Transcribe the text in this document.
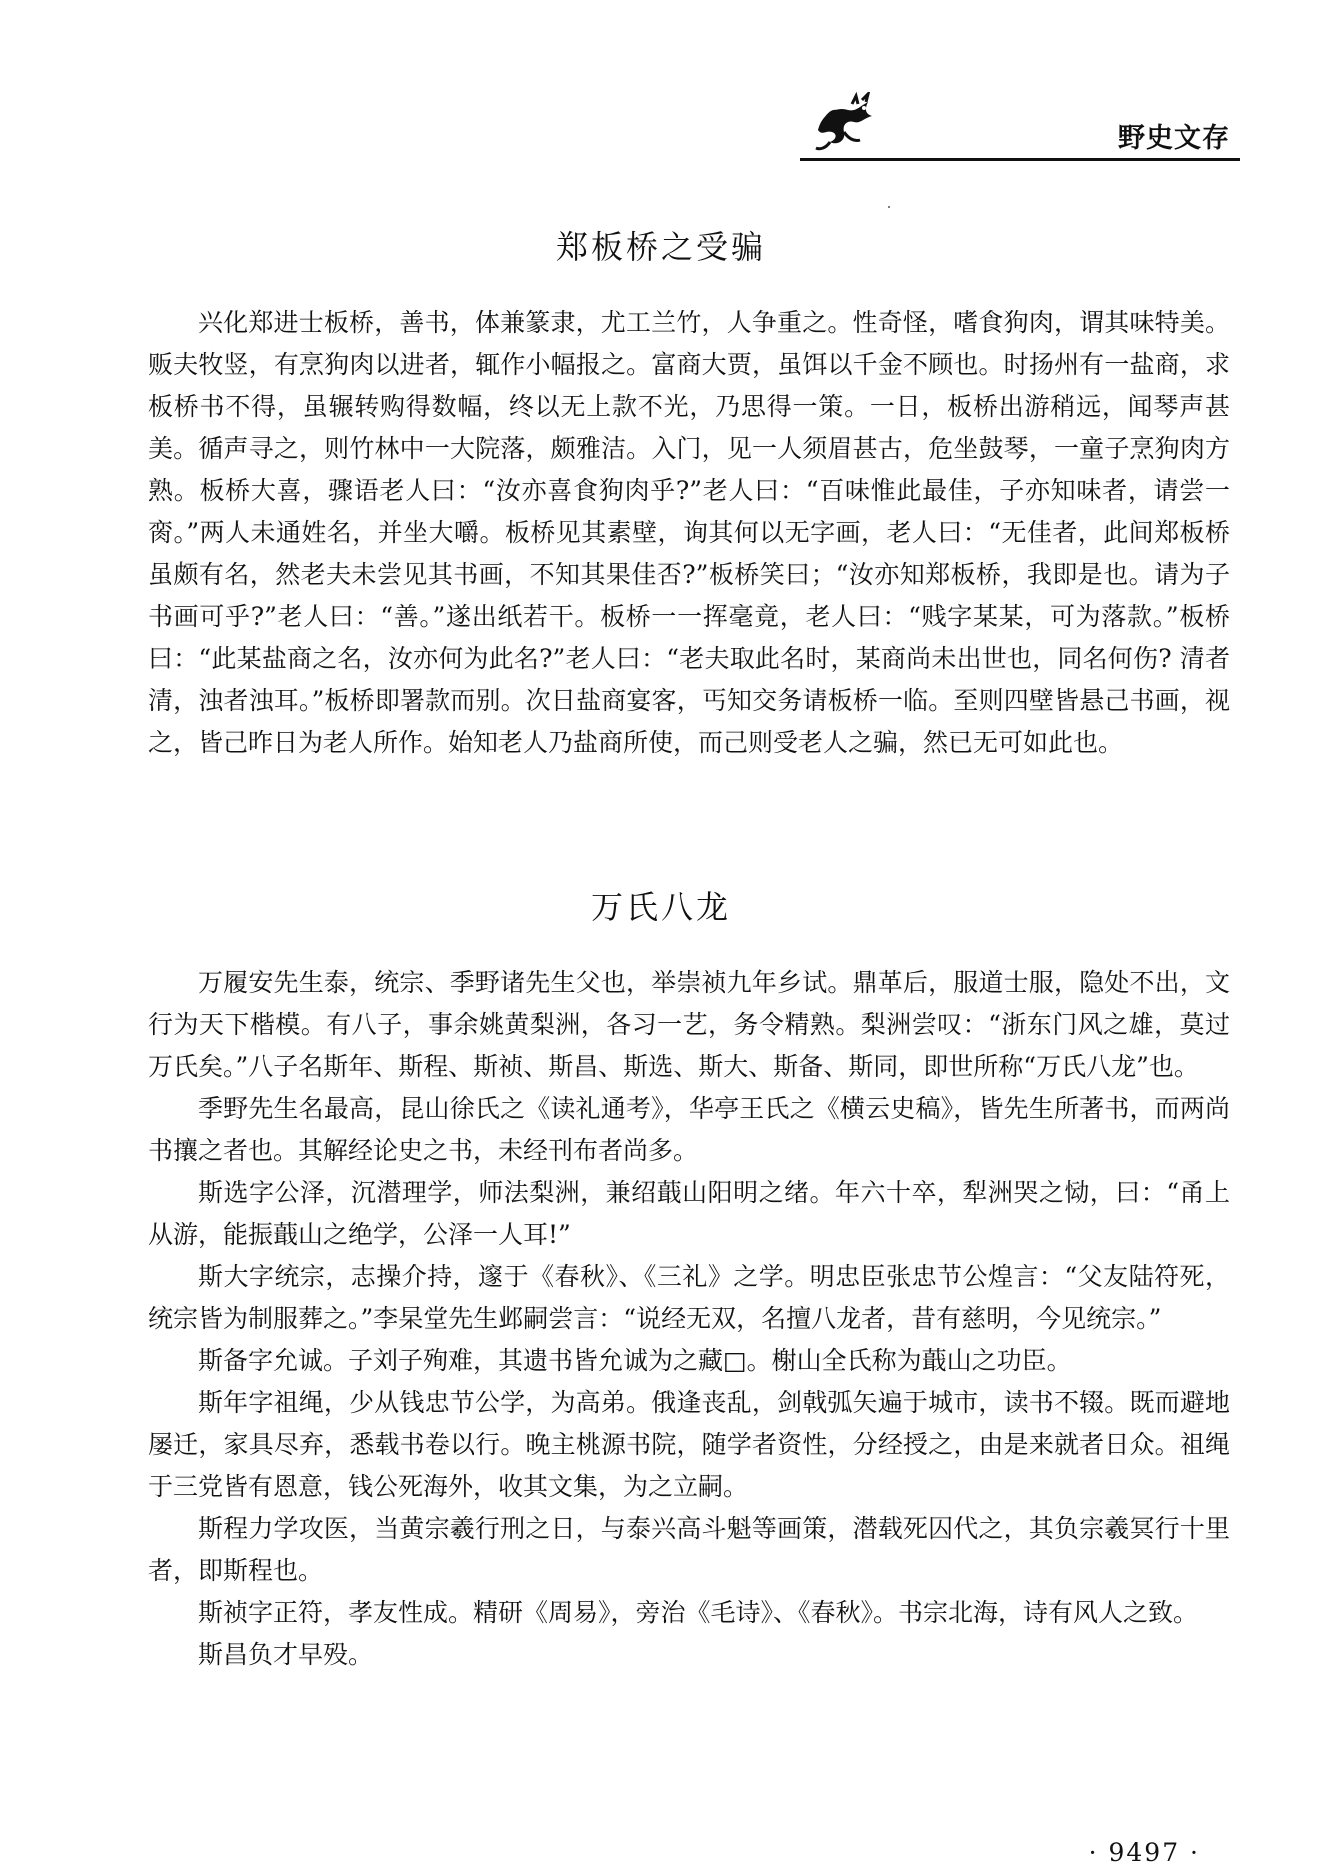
野史文存
郑板桥之受骗

兴化郑进士板桥，善书，体兼篆隶，尤工兰竹，人争重之。性奇怪，嗜食狗肉，谓其味特美。贩夫牧竖，有烹狗肉以进者，辄作小幅报之。富商大贾，虽饵以千金不顾也。时扬州有一盐商，求板桥书不得，虽辗转购得数幅，终以无上款不光，乃思得一策。一日，板桥出游稍远，闻琴声甚美。循声寻之，则竹林中一大院落，颇雅洁。入门，见一人须眉甚古，危坐鼓琴，一童子烹狗肉方熟。板桥大喜，骤语老人曰：“汝亦喜食狗肉乎?”老人曰：“百味惟此最佳，子亦知味者，请尝一脔。”两人未通姓名，并坐大嚼。板桥见其素壁，询其何以无字画，老人曰：“无佳者，此间郑板桥虽颇有名，然老夫未尝见其书画，不知其果佳否?”板桥笑曰；“汝亦知郑板桥，我即是也。请为子书画可乎?”老人曰：“善。”遂出纸若干。板桥一一挥毫竟，老人曰：“贱字某某，可为落款。”板桥曰：“此某盐商之名，汝亦何为此名?”老人曰：“老夫取此名时，某商尚未出世也，同名何伤? 清者清，浊者浊耳。”板桥即署款而别。次日盐商宴客，丐知交务请板桥一临。至则四壁皆悬己书画，视之，皆己昨日为老人所作。始知老人乃盐商所使，而己则受老人之骗，然已无可如此也。

万氏八龙

万履安先生泰，统宗、季野诸先生父也，举崇祯九年乡试。鼎革后，服道士服，隐处不出，文行为天下楷模。有八子，事余姚黄梨洲，各习一艺，务令精熟。梨洲尝叹：“浙东门风之雄，莫过万氏矣。”八子名斯年、斯程、斯祯、斯昌、斯选、斯大、斯备、斯同，即世所称“万氏八龙”也。

季野先生名最高，昆山徐氏之《读礼通考》，华亭王氏之《横云史稿》，皆先生所著书，而两尚书攘之者也。其解经论史之书，未经刊布者尚多。

斯选字公泽，沉潜理学，师法梨洲，兼绍蕺山阳明之绪。年六十卒，犁洲哭之恸，曰：“甬上从游，能振蕺山之绝学，公泽一人耳!”

斯大字统宗，志操介持，邃于《春秋》、《三礼》之学。明忠臣张忠节公煌言：“父友陆符死，统宗皆为制服葬之。”李杲堂先生邺嗣尝言：“说经无双，名擅八龙者，昔有慈明，今见统宗。”

斯备字允诚。子刘子殉难，其遗书皆允诚为之藏□。榭山全氏称为蕺山之功臣。

斯年字祖绳，少从钱忠节公学，为高弟。俄逢丧乱，剑戟弧矢遍于城市，读书不辍。既而避地屡迁，家具尽弃，悉载书卷以行。晚主桃源书院，随学者资性，分经授之，由是来就者日众。祖绳于三党皆有恩意，钱公死海外，收其文集，为之立嗣。

斯程力学攻医，当黄宗羲行刑之日，与泰兴高斗魁等画策，潜载死囚代之，其负宗羲冥行十里者，即斯程也。

斯祯字正符，孝友性成。精研《周易》，旁治《毛诗》、《春秋》。书宗北海，诗有风人之致。

斯昌负才早殁。

· 9497 ·
